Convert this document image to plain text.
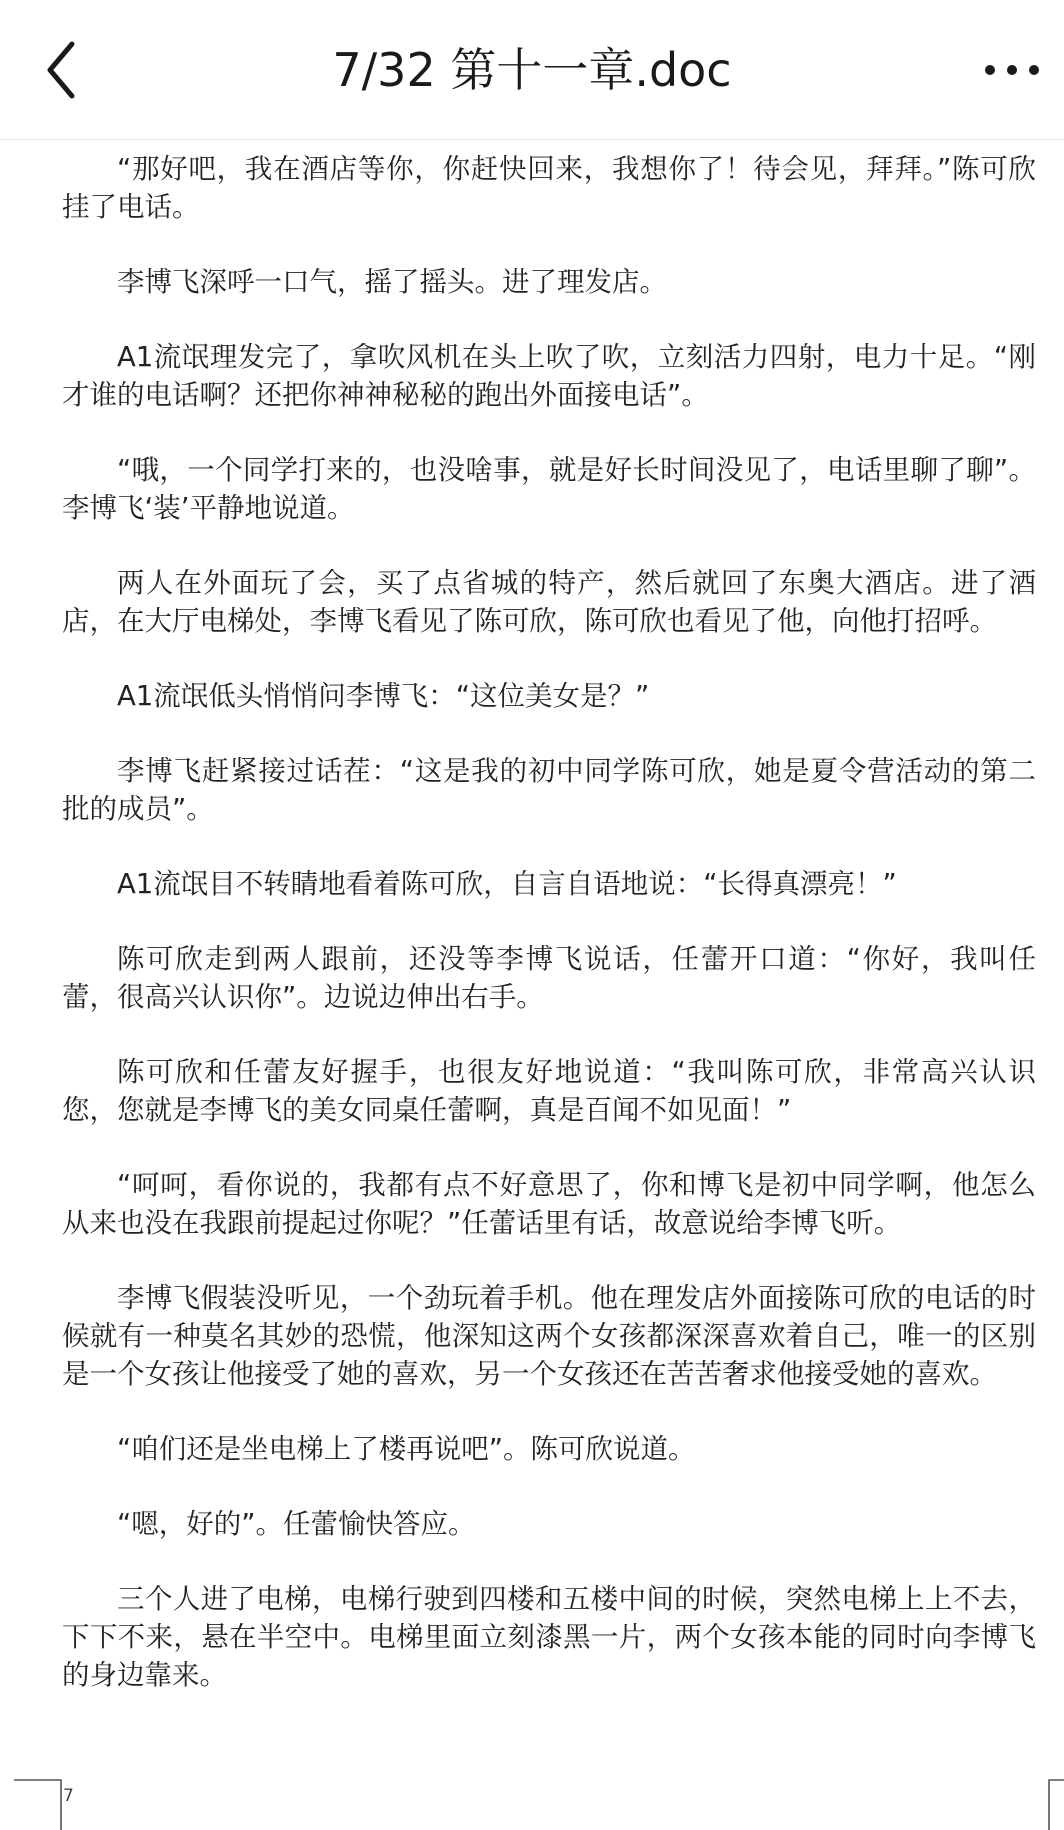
7/32 第十一章.doc

“那好吧，我在酒店等你，你赶快回来，我想你了！待会见，拜拜。”陈可欣挂了电话。

李博飞深呼一口气，摇了摇头。进了理发店。

A1流氓理发完了，拿吹风机在头上吹了吹，立刻活力四射，电力十足。“刚才谁的电话啊？还把你神神秘秘的跑出外面接电话”。

“哦，一个同学打来的，也没啥事，就是好长时间没见了，电话里聊了聊”。李博飞‘装’平静地说道。

两人在外面玩了会，买了点省城的特产，然后就回了东奥大酒店。进了酒店，在大厅电梯处，李博飞看见了陈可欣，陈可欣也看见了他，向他打招呼。

A1流氓低头悄悄问李博飞：“这位美女是？”

李博飞赶紧接过话茬：“这是我的初中同学陈可欣，她是夏令营活动的第二批的成员”。

A1流氓目不转睛地看着陈可欣，自言自语地说：“长得真漂亮！”

陈可欣走到两人跟前，还没等李博飞说话，任蕾开口道：“你好，我叫任蕾，很高兴认识你”。边说边伸出右手。

陈可欣和任蕾友好握手，也很友好地说道：“我叫陈可欣，非常高兴认识您，您就是李博飞的美女同桌任蕾啊，真是百闻不如见面！”

“呵呵，看你说的，我都有点不好意思了，你和博飞是初中同学啊，他怎么从来也没在我跟前提起过你呢？”任蕾话里有话，故意说给李博飞听。

李博飞假装没听见，一个劲玩着手机。他在理发店外面接陈可欣的电话的时候就有一种莫名其妙的恐慌，他深知这两个女孩都深深喜欢着自己，唯一的区别是一个女孩让他接受了她的喜欢，另一个女孩还在苦苦奢求他接受她的喜欢。

“咱们还是坐电梯上了楼再说吧”。陈可欣说道。

“嗯，好的”。任蕾愉快答应。

三个人进了电梯，电梯行驶到四楼和五楼中间的时候，突然电梯上上不去，下下不来，悬在半空中。电梯里面立刻漆黑一片，两个女孩本能的同时向李博飞的身边靠来。

7
